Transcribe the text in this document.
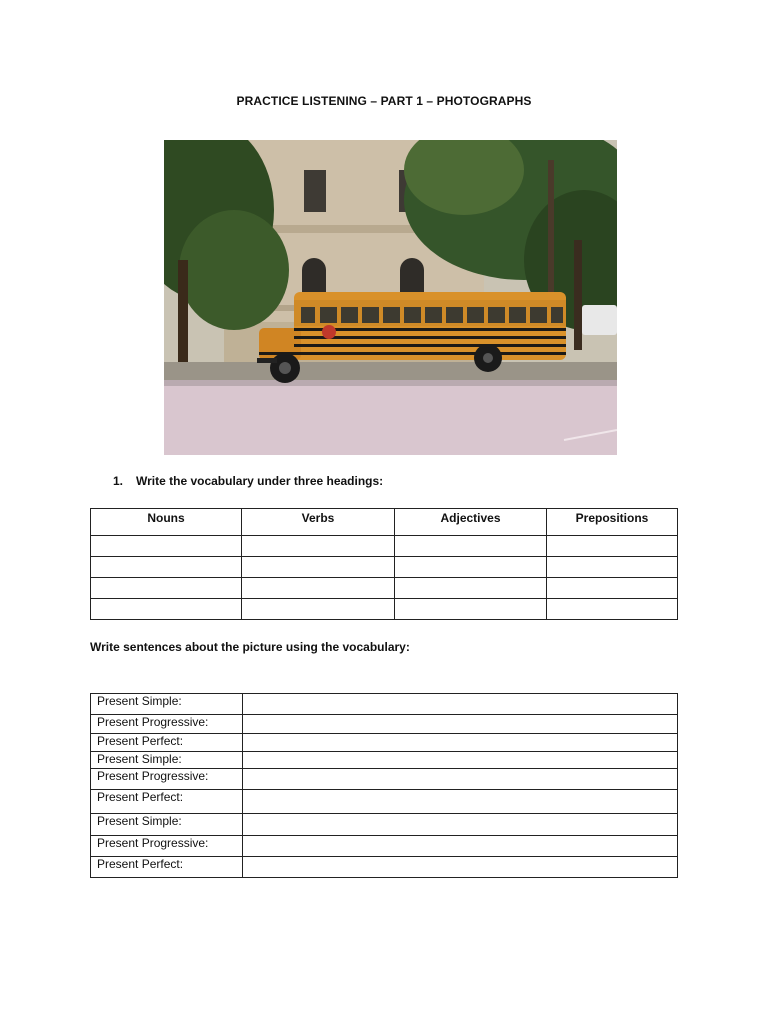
PRACTICE LISTENING – PART 1 – PHOTOGRAPHS
1. Write the vocabulary under three headings:
Nouns	Verbs	Adjectives	Prepositions

Write sentences about the picture using the vocabulary:
Present Simple:	
Present Progressive:	
Present Perfect:	
Present Simple:	
Present Progressive:	
Present Perfect:	
Present Simple:	
Present Progressive:	
Present Perfect:	
